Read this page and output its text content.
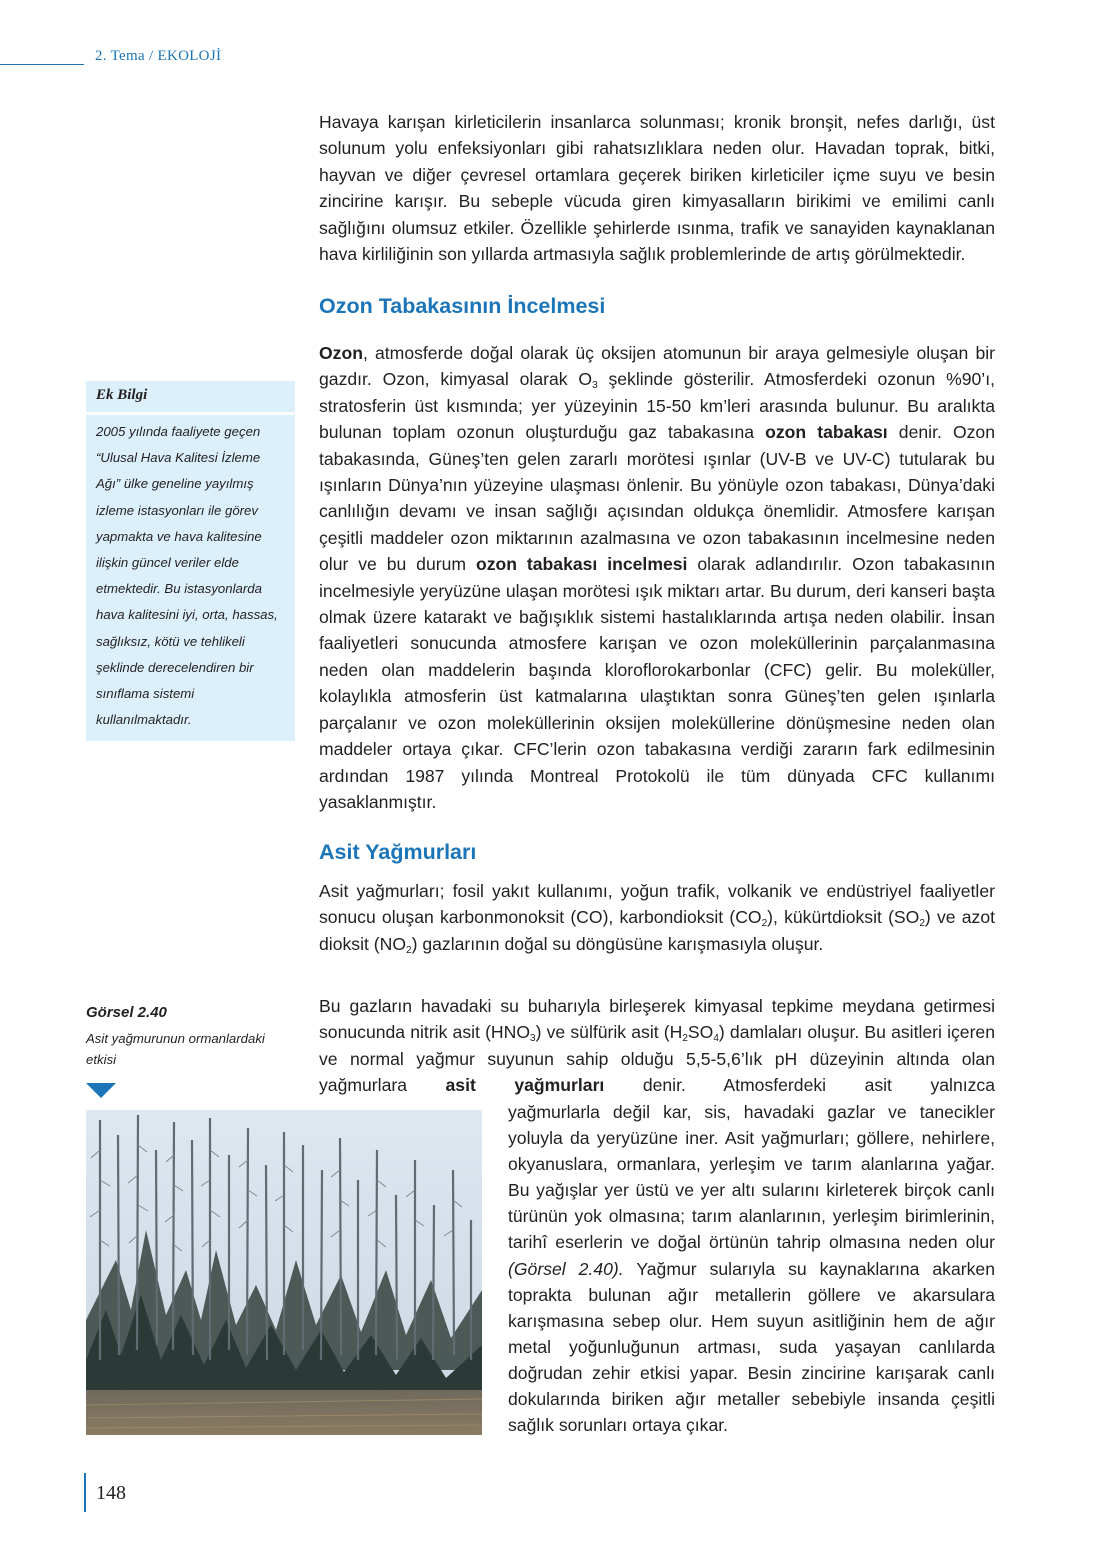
2. Tema / EKOLOJİ

Havaya karışan kirleticilerin insanlarca solunması; kronik bronşit, nefes darlığı, üst solunum yolu enfeksiyonları gibi rahatsızlıklara neden olur. Havadan toprak, bitki, hayvan ve diğer çevresel ortamlara geçerek biriken kirleticiler içme suyu ve besin zincirine karışır. Bu sebeple vücuda giren kimyasalların birikimi ve emilimi canlı sağlığını olumsuz etkiler. Özellikle şehirlerde ısınma, trafik ve sanayiden kaynaklanan hava kirliliğinin son yıllarda artmasıyla sağlık problemlerinde de artış görülmektedir.

Ozon Tabakasının İncelmesi

Ozon, atmosferde doğal olarak üç oksijen atomunun bir araya gelmesiyle oluşan bir gazdır. Ozon, kimyasal olarak $O_3$ şeklinde gösterilir. Atmosferdeki ozonun %90’ı, stratosferin üst kısmında; yer yüzeyinin 15-50 km’leri arasında bulunur. Bu aralıkta bulunan toplam ozonun oluşturduğu gaz tabakasına ozon tabakası denir. Ozon tabakasında, Güneş’ten gelen zararlı morötesi ışınlar (UV-B ve UV-C) tutularak bu ışınların Dünya’nın yüzeyine ulaşması önlenir. Bu yönüyle ozon tabakası, Dünya’daki canlılığın devamı ve insan sağlığı açısından oldukça önemlidir. Atmosfere karışan çeşitli maddeler ozon miktarının azalmasına ve ozon tabakasının incelmesine neden olur ve bu durum ozon tabakası incelmesi olarak adlandırılır. Ozon tabakasının incelmesiyle yeryüzüne ulaşan morötesi ışık miktarı artar. Bu durum, deri kanseri başta olmak üzere katarakt ve bağışıklık sistemi hastalıklarında artışa neden olabilir. İnsan faaliyetleri sonucunda atmosfere karışan ve ozon moleküllerinin parçalanmasına neden olan maddelerin başında kloroflorokarbonlar (CFC) gelir. Bu moleküller, kolaylıkla atmosferin üst katmalarına ulaştıktan sonra Güneş’ten gelen ışınlarla parçalanır ve ozon moleküllerinin oksijen moleküllerine dönüşmesine neden olan maddeler ortaya çıkar. CFC’lerin ozon tabakasına verdiği zararın fark edilmesinin ardından 1987 yılında Montreal Protokolü ile tüm dünyada CFC kullanımı yasaklanmıştır.

Asit Yağmurları

Asit yağmurları; fosil yakıt kullanımı, yoğun trafik, volkanik ve endüstriyel faaliyetler sonucu oluşan karbonmonoksit (CO), karbondioksit $(CO_2)$, kükürtdioksit $(SO_2)$ ve azot dioksit $(NO_2)$ gazlarının doğal su döngüsüne karışmasıyla oluşur.

Bu gazların havadaki su buharıyla birleşerek kimyasal tepkime meydana getirmesi sonucunda nitrik asit $(HNO_3)$ ve sülfürik asit $(H_2SO_4)$ damlaları oluşur. Bu asitleri içeren ve normal yağmur suyunun sahip olduğu 5,5-5,6’lık pH düzeyinin altında olan yağmurlara asit yağmurları denir. Atmosferdeki asit yalnızca

yağmurlarla değil kar, sis, havadaki gazlar ve tanecikler yoluyla da yeryüzüne iner. Asit yağmurları; göllere, nehirlere, okyanuslara, ormanlara, yerleşim ve tarım alanlarına yağar. Bu yağışlar yer üstü ve yer altı sularını kirleterek birçok canlı türünün yok olmasına; tarım alanlarının, yerleşim birimlerinin, tarihî eserlerin ve doğal örtünün tahrip olmasına neden olur (Görsel 2.40). Yağmur sularıyla su kaynaklarına akarken toprakta bulunan ağır metallerin göllere ve akarsulara karışmasına sebep olur. Hem suyun asitliğinin hem de ağır metal yoğunluğunun artması, suda yaşayan canlılarda doğrudan zehir etkisi yapar. Besin zincirine karışarak canlı dokularında biriken ağır metaller sebebiyle insanda çeşitli sağlık sorunları ortaya çıkar.

Ek Bilgi
2005 yılında faaliyete geçen “Ulusal Hava Kalitesi İzleme Ağı” ülke geneline yayılmış izleme istasyonları ile görev yapmakta ve hava kalitesine ilişkin güncel veriler elde etmektedir. Bu istasyonlarda hava kalitesini iyi, orta, hassas, sağlıksız, kötü ve tehlikeli şeklinde derecelendiren bir sınıflama sistemi kullanılmaktadır.
Görsel 2.40
Asit yağmurunun ormanlardaki etkisi
148
